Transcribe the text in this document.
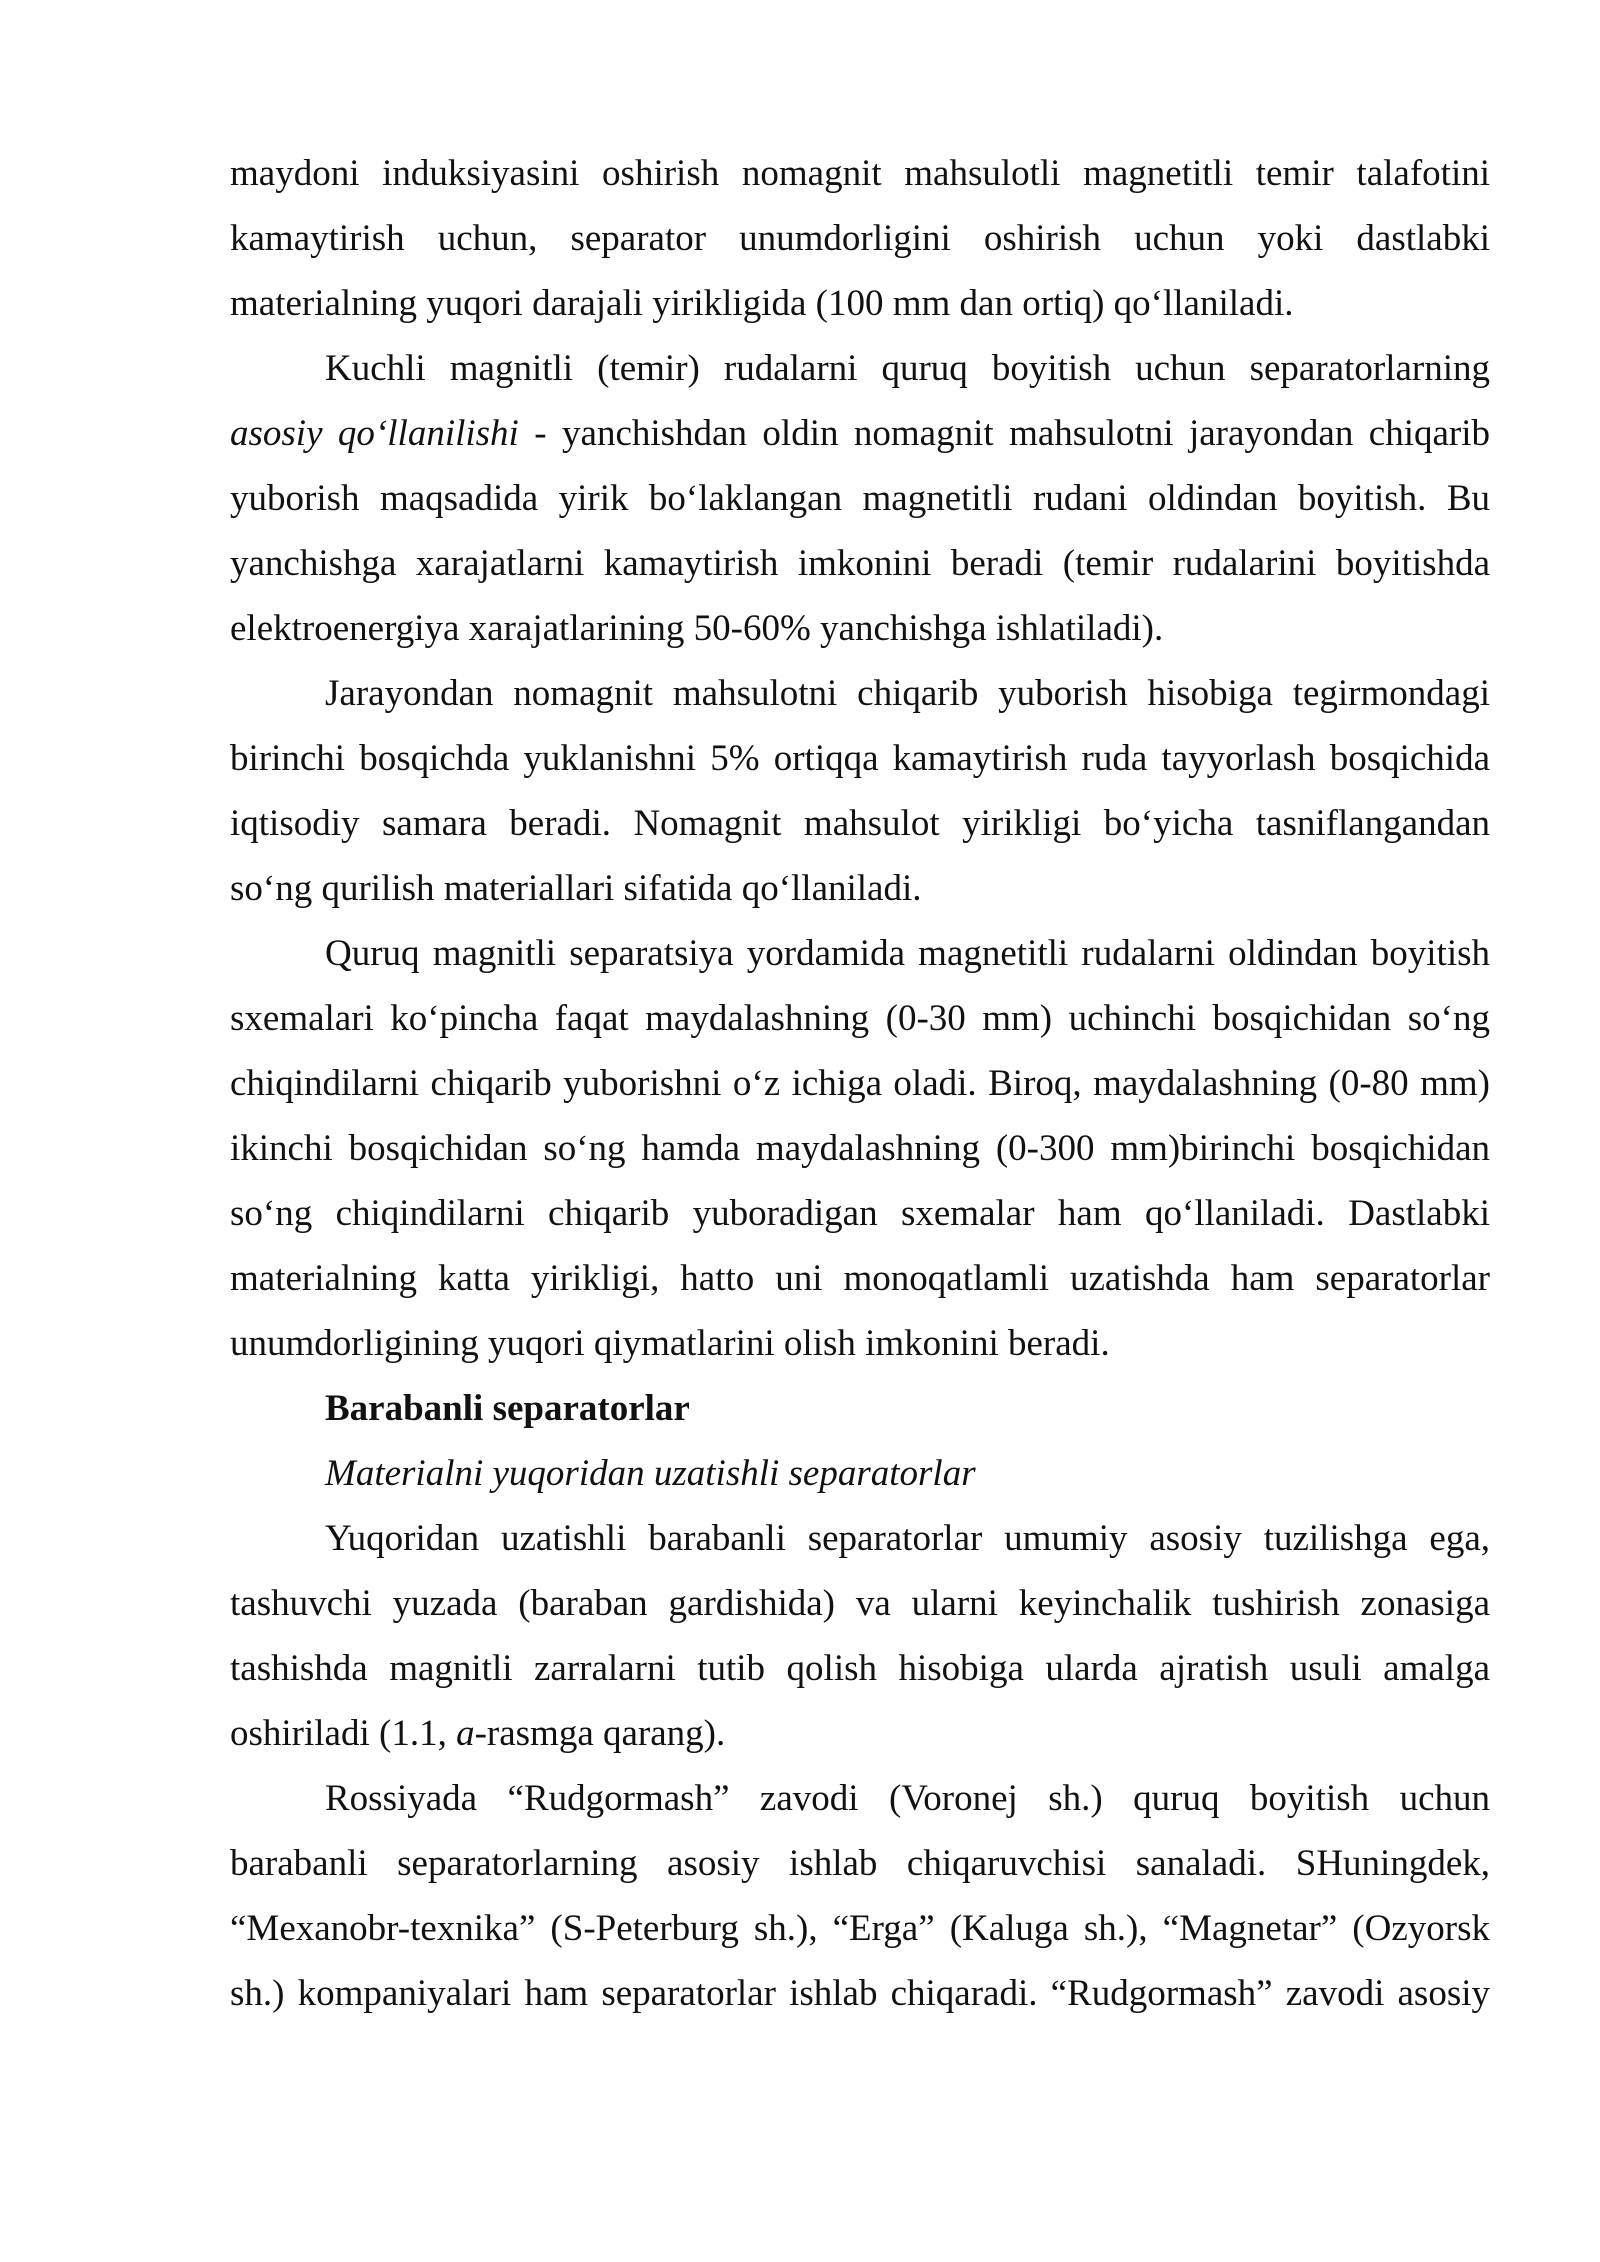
maydoni induksiyasini oshirish nomagnit mahsulotli magnetitli temir talafotini
kamaytirish uchun, separator unumdorligini oshirish uchun yoki dastlabki
materialning yuqori darajali yirikligida (100 mm dan ortiq) qo‘llaniladi.
Kuchli magnitli (temir) rudalarni quruq boyitish uchun separatorlarning
asosiy qo‘llanilishi - yanchishdan oldin nomagnit mahsulotni jarayondan chiqarib
yuborish maqsadida yirik bo‘laklangan magnetitli rudani oldindan boyitish. Bu
yanchishga xarajatlarni kamaytirish imkonini beradi (temir rudalarini boyitishda
elektroenergiya xarajatlarining 50-60% yanchishga ishlatiladi).
Jarayondan nomagnit mahsulotni chiqarib yuborish hisobiga tegirmondagi
birinchi bosqichda yuklanishni 5% ortiqqa kamaytirish ruda tayyorlash bosqichida
iqtisodiy samara beradi. Nomagnit mahsulot yirikligi bo‘yicha tasniflangandan
so‘ng qurilish materiallari sifatida qo‘llaniladi.
Quruq magnitli separatsiya yordamida magnetitli rudalarni oldindan boyitish
sxemalari ko‘pincha faqat maydalashning (0-30 mm) uchinchi bosqichidan so‘ng
chiqindilarni chiqarib yuborishni o‘z ichiga oladi. Biroq, maydalashning (0-80 mm)
ikinchi bosqichidan so‘ng hamda maydalashning (0-300 mm)birinchi bosqichidan
so‘ng chiqindilarni chiqarib yuboradigan sxemalar ham qo‘llaniladi. Dastlabki
materialning katta yirikligi, hatto uni monoqatlamli uzatishda ham separatorlar
unumdorligining yuqori qiymatlarini olish imkonini beradi.
Barabanli separatorlar
Materialni yuqoridan uzatishli separatorlar
Yuqoridan uzatishli barabanli separatorlar umumiy asosiy tuzilishga ega,
tashuvchi yuzada (baraban gardishida) va ularni keyinchalik tushirish zonasiga
tashishda magnitli zarralarni tutib qolish hisobiga ularda ajratish usuli amalga
oshiriladi (1.1, a-rasmga qarang).
Rossiyada “Rudgormash” zavodi (Voronej sh.) quruq boyitish uchun
barabanli separatorlarning asosiy ishlab chiqaruvchisi sanaladi. SHuningdek,
“Mexanobr-texnika” (S-Peterburg sh.), “Erga” (Kaluga sh.), “Magnetar” (Ozyorsk
sh.) kompaniyalari ham separatorlar ishlab chiqaradi. “Rudgormash” zavodi asosiy
